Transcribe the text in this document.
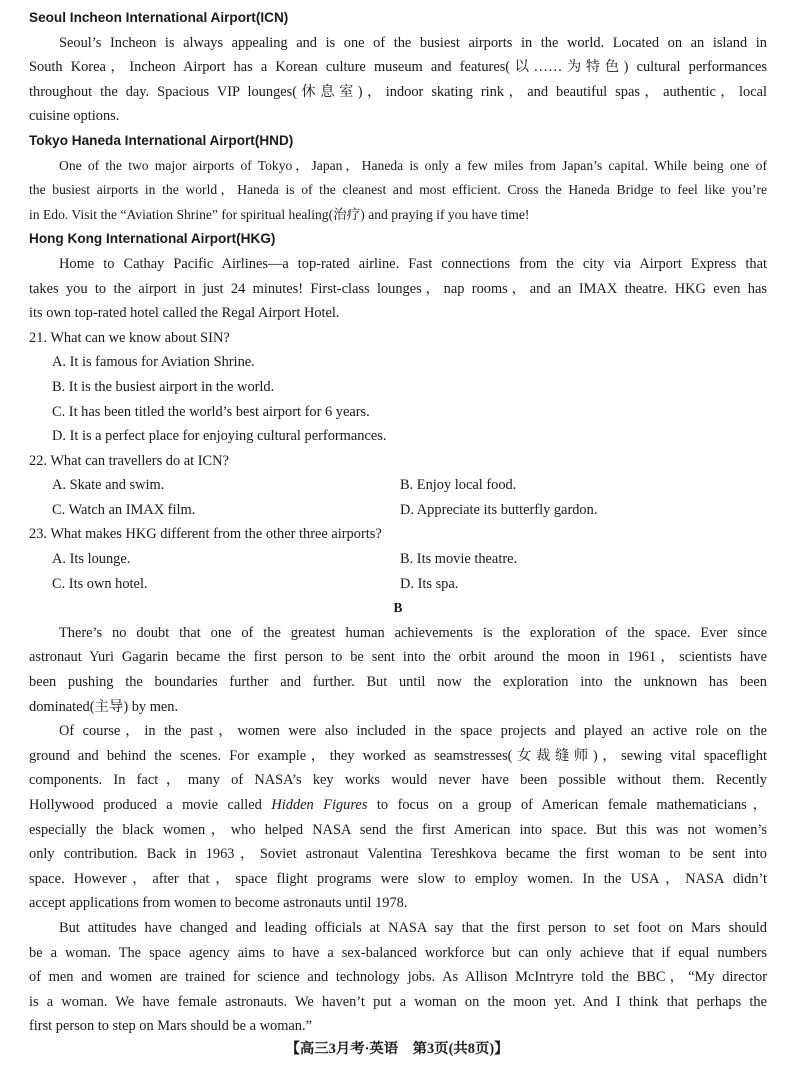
Seoul Incheon International Airport(ICN)
Seoul’s Incheon is always appealing and is one of the busiest airports in the world. Located on an island in
South Korea，Incheon Airport has a Korean culture museum and features(以……为特色) cultural performances
throughout the day. Spacious VIP lounges(休息室)，indoor skating rink，and beautiful spas，authentic，local
cuisine options.
Tokyo Haneda International Airport(HND)
One of the two major airports of Tokyo，Japan，Haneda is only a few miles from Japan’s capital. While being one of
the busiest airports in the world，Haneda is of the cleanest and most efficient. Cross the Haneda Bridge to feel like you’re
in Edo. Visit the “Aviation Shrine” for spiritual healing(治疗) and praying if you have time!
Hong Kong International Airport(HKG)
Home to Cathay Pacific Airlines—a top-rated airline. Fast connections from the city via Airport Express that
takes you to the airport in just 24 minutes! First-class lounges，nap rooms，and an IMAX theatre. HKG even has
its own top-rated hotel called the Regal Airport Hotel.
21. What can we know about SIN?
A. It is famous for Aviation Shrine.
B. It is the busiest airport in the world.
C. It has been titled the world’s best airport for 6 years.
D. It is a perfect place for enjoying cultural performances.
22. What can travellers do at ICN?
A. Skate and swim.	B. Enjoy local food.
C. Watch an IMAX film.	D. Appreciate its butterfly gardon.
23. What makes HKG different from the other three airports?
A. Its lounge.	B. Its movie theatre.
C. Its own hotel.	D. Its spa.
B
There’s no doubt that one of the greatest human achievements is the exploration of the space. Ever since
astronaut Yuri Gagarin became the first person to be sent into the orbit around the moon in 1961，scientists have
been pushing the boundaries further and further. But until now the exploration into the unknown has been
dominated(主导) by men.
Of course，in the past，women were also included in the space projects and played an active role on the
ground and behind the scenes. For example，they worked as seamstresses(女裁缝师)，sewing vital spaceflight
components. In fact，many of NASA’s key works would never have been possible without them. Recently
Hollywood produced a movie called Hidden Figures to focus on a group of American female mathematicians，
especially the black women，who helped NASA send the first American into space. But this was not women’s
only contribution. Back in 1963，Soviet astronaut Valentina Tereshkova became the first woman to be sent into
space. However，after that，space flight programs were slow to employ women. In the USA，NASA didn’t
accept applications from women to become astronauts until 1978.
But attitudes have changed and leading officials at NASA say that the first person to set foot on Mars should
be a woman. The space agency aims to have a sex-balanced workforce but can only achieve that if equal numbers
of men and women are trained for science and technology jobs. As Allison McIntryre told the BBC，“My director
is a woman. We have female astronauts. We haven’t put a woman on the moon yet. And I think that perhaps the
first person to step on Mars should be a woman.”
【高三3月考·英语　第3页(共8页)】
